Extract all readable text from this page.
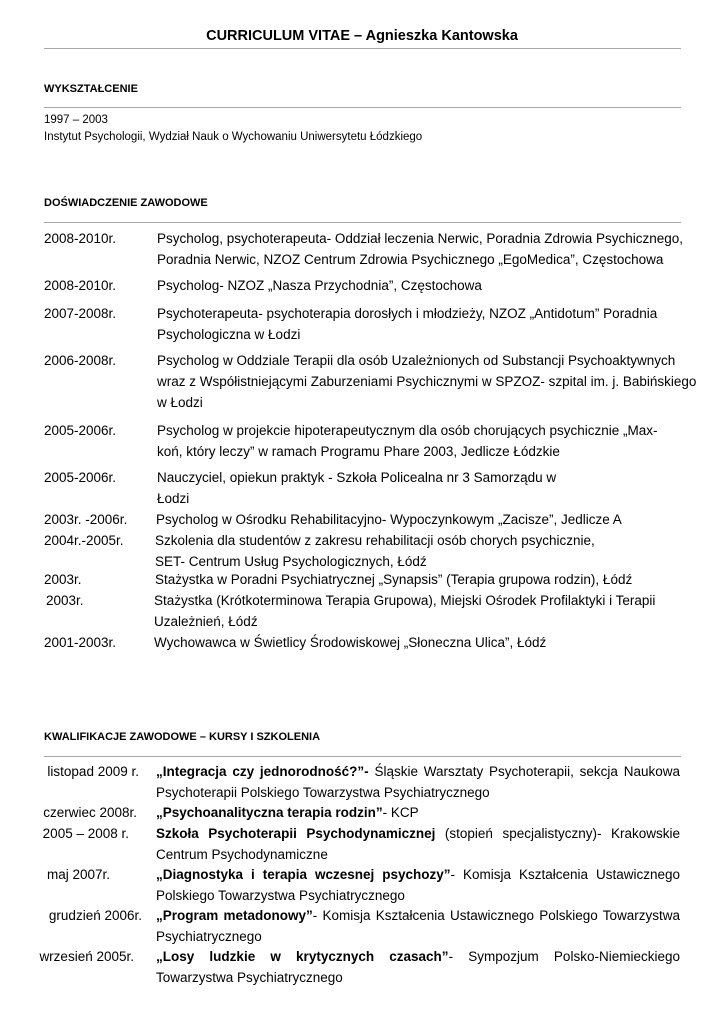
CURRICULUM VITAE – Agnieszka Kantowska
WYKSZTAŁCENIE
1997 – 2003
Instytut Psychologii, Wydział Nauk o Wychowaniu Uniwersytetu Łódzkiego
DOŚWIADCZENIE ZAWODOWE
2008-2010r.	Psycholog, psychoterapeuta- Oddział leczenia Nerwic, Poradnia Zdrowia Psychicznego,
Poradnia Nerwic, NZOZ Centrum Zdrowia Psychicznego „EgoMedica”, Częstochowa
2008-2010r.	Psycholog- NZOZ „Nasza Przychodnia”, Częstochowa
2007-2008r.	Psychoterapeuta- psychoterapia dorosłych i młodzieży, NZOZ „Antidotum” Poradnia
Psychologiczna w Łodzi
2006-2008r.	Psycholog w Oddziale Terapii dla osób Uzależnionych od Substancji Psychoaktywnych
wraz z Współistniejącymi Zaburzeniami Psychicznymi w SPZOZ- szpital im. j. Babińskiego
w Łodzi
2005-2006r.	Psycholog w projekcie hipoterapeutycznym dla osób chorujących psychicznie „Max-
koń, który leczy” w ramach Programu Phare 2003, Jedlicze Łódzkie
2005-2006r.	Nauczyciel, opiekun praktyk - Szkoła Policealna nr 3 Samorządu w
Łodzi
2003r. -2006r. Psycholog w Ośrodku Rehabilitacyjno- Wypoczynkowym „Zacisze”, Jedlicze A
2004r.-2005r. Szkolenia dla studentów z zakresu rehabilitacji osób chorych psychicznie,
SET- Centrum Usług Psychologicznych, Łódź
2003r.	Stażystka w Poradni Psychiatrycznej „Synapsis” (Terapia grupowa rodzin), Łódź
2003r.	Stażystka (Krótkoterminowa Terapia Grupowa), Miejski Ośrodek Profilaktyki i Terapii
Uzależnień, Łódź
2001-2003r.	Wychowawca w Świetlicy Środowiskowej „Słoneczna Ulica”, Łódź
KWALIFIKACJE ZAWODOWE – KURSY I SZKOLENIA
listopad 2009 r. „Integracja czy jednorodność?”- Śląskie Warsztaty Psychoterapii, sekcja Naukowa Psychoterapii Polskiego Towarzystwa Psychiatrycznego
czerwiec 2008r. „Psychoanalityczna terapia rodzin”- KCP
2005 – 2008 r. Szkoła Psychoterapii Psychodynamicznej (stopień specjalistyczny)- Krakowskie Centrum Psychodynamiczne
maj 2007r.	„Diagnostyka i terapia wczesnej psychozy”- Komisja Kształcenia Ustawicznego Polskiego Towarzystwa Psychiatrycznego
grudzień 2006r. „Program metadonowy”- Komisja Kształcenia Ustawicznego Polskiego Towarzystwa Psychiatrycznego
wrzesień 2005r. „Losy ludzkie w krytycznych czasach”- Sympozjum Polsko-Niemieckiego Towarzystwa Psychiatrycznego
